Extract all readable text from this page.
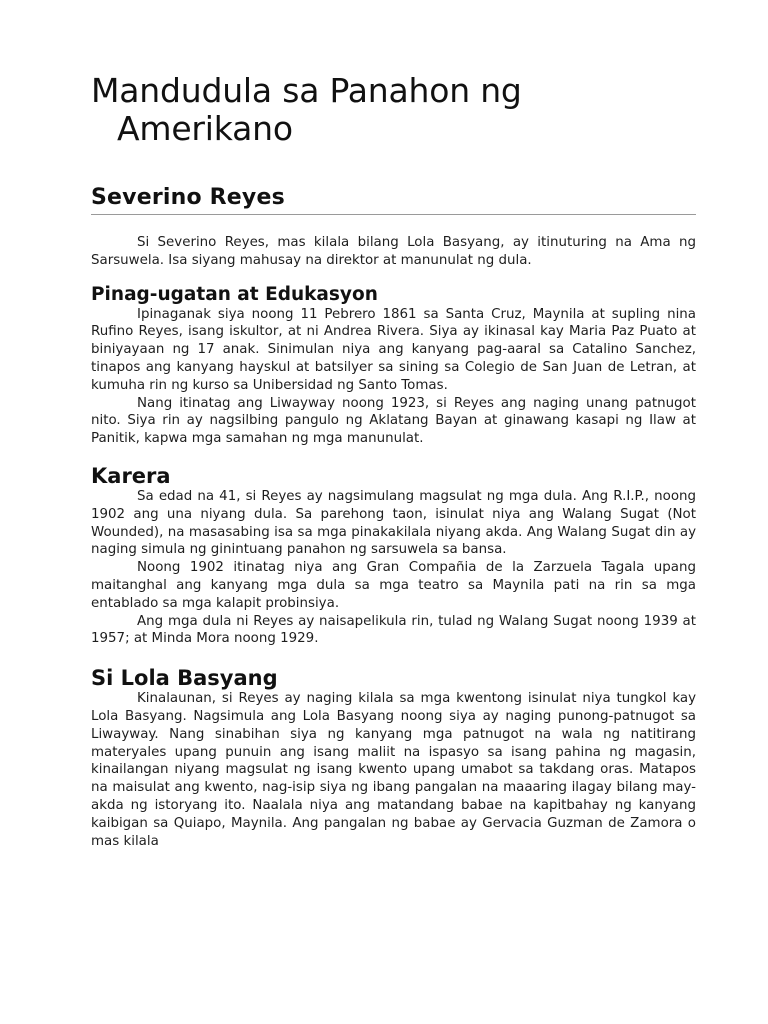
Mandudula sa Panahon ng
Amerikano
Severino Reyes

Si Severino Reyes, mas kilala bilang Lola Basyang, ay itinuturing na Ama ng Sarsuwela. Isa siyang mahusay na direktor at manunulat ng dula.

Pinag-ugatan at Edukasyon

Ipinaganak siya noong 11 Pebrero 1861 sa Santa Cruz, Maynila at supling nina Rufino Reyes, isang iskultor, at ni Andrea Rivera. Siya ay ikinasal kay Maria Paz Puato at biniyayaan ng 17 anak. Sinimulan niya ang kanyang pag-aaral sa Catalino Sanchez, tinapos ang kanyang hayskul at batsilyer sa sining sa Colegio de San Juan de Letran, at kumuha rin ng kurso sa Unibersidad ng Santo Tomas.

Nang itinatag ang Liwayway noong 1923, si Reyes ang naging unang patnugot nito. Siya rin ay nagsilbing pangulo ng Aklatang Bayan at ginawang kasapi ng Ilaw at Panitik, kapwa mga samahan ng mga manunulat.

Karera

Sa edad na 41, si Reyes ay nagsimulang magsulat ng mga dula. Ang R.I.P., noong 1902 ang una niyang dula. Sa parehong taon, isinulat niya ang Walang Sugat (Not Wounded), na masasabing isa sa mga pinakakilala niyang akda. Ang Walang Sugat din ay naging simula ng ginintuang panahon ng sarsuwela sa bansa.

Noong 1902 itinatag niya ang Gran Compañia de la Zarzuela Tagala upang maitanghal ang kanyang mga dula sa mga teatro sa Maynila pati na rin sa mga entablado sa mga kalapit probinsiya.

Ang mga dula ni Reyes ay naisapelikula rin, tulad ng Walang Sugat noong 1939 at 1957; at Minda Mora noong 1929.

Si Lola Basyang

Kinalaunan, si Reyes ay naging kilala sa mga kwentong isinulat niya tungkol kay Lola Basyang. Nagsimula ang Lola Basyang noong siya ay naging punong-patnugot sa Liwayway. Nang sinabihan siya ng kanyang mga patnugot na wala ng natitirang materyales upang punuin ang isang maliit na ispasyo sa isang pahina ng magasin, kinailangan niyang magsulat ng isang kwento upang umabot sa takdang oras. Matapos na maisulat ang kwento, nag-isip siya ng ibang pangalan na maaaring ilagay bilang may-akda ng istoryang ito. Naalala niya ang matandang babae na kapitbahay ng kanyang kaibigan sa Quiapo, Maynila. Ang pangalan ng babae ay Gervacia Guzman de Zamora o mas kilala
